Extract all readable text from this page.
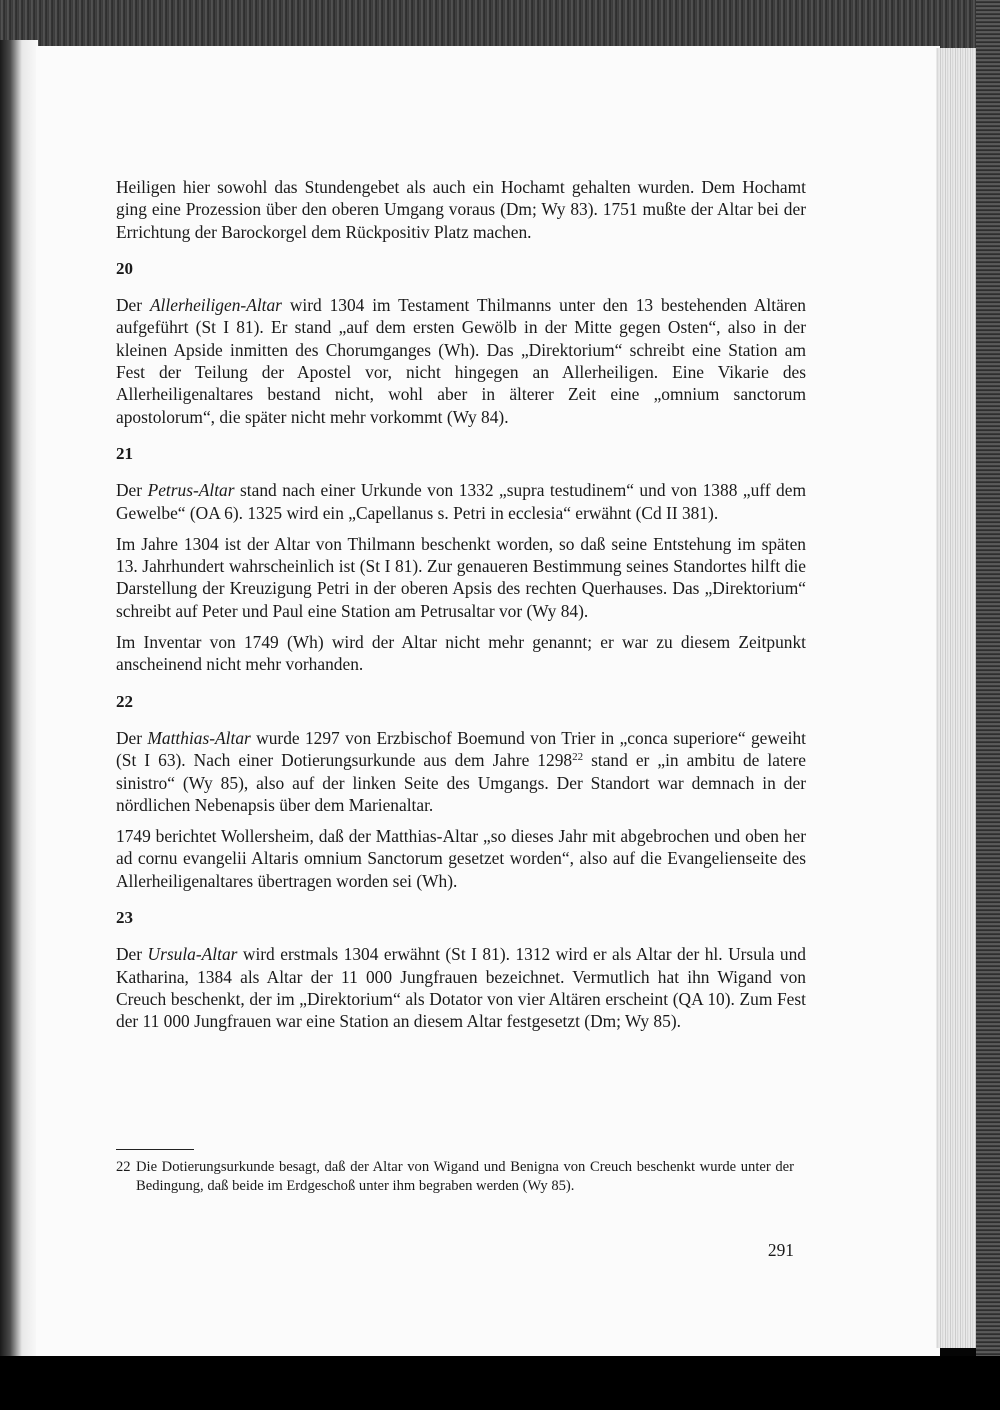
Heiligen hier sowohl das Stundengebet als auch ein Hochamt gehalten wurden. Dem Hochamt ging eine Prozession über den oberen Umgang voraus (Dm; Wy 83). 1751 mußte der Altar bei der Errichtung der Barockorgel dem Rückpositiv Platz machen.

20

Der Allerheiligen-Altar wird 1304 im Testament Thilmanns unter den 13 bestehenden Altären aufgeführt (St I 81). Er stand „auf dem ersten Gewölb in der Mitte gegen Osten“, also in der kleinen Apside inmitten des Chorumganges (Wh). Das „Direktorium“ schreibt eine Station am Fest der Teilung der Apostel vor, nicht hingegen an Allerheiligen. Eine Vikarie des Allerheiligenaltares bestand nicht, wohl aber in älterer Zeit eine „omnium sanctorum apostolorum“, die später nicht mehr vorkommt (Wy 84).

21

Der Petrus-Altar stand nach einer Urkunde von 1332 „supra testudinem“ und von 1388 „uff dem Gewelbe“ (OA 6). 1325 wird ein „Capellanus s. Petri in ecclesia“ erwähnt (Cd II 381).

Im Jahre 1304 ist der Altar von Thilmann beschenkt worden, so daß seine Entstehung im späten 13. Jahrhundert wahrscheinlich ist (St I 81). Zur genaueren Bestimmung seines Standortes hilft die Darstellung der Kreuzigung Petri in der oberen Apsis des rechten Querhauses. Das „Direktorium“ schreibt auf Peter und Paul eine Station am Petrusaltar vor (Wy 84).

Im Inventar von 1749 (Wh) wird der Altar nicht mehr genannt; er war zu diesem Zeitpunkt anscheinend nicht mehr vorhanden.

22

Der Matthias-Altar wurde 1297 von Erzbischof Boemund von Trier in „conca superiore“ geweiht (St I 63). Nach einer Dotierungsurkunde aus dem Jahre 1298$^{22}$ stand er „in ambitu de latere sinistro“ (Wy 85), also auf der linken Seite des Umgangs. Der Standort war demnach in der nördlichen Nebenapsis über dem Marienaltar.

1749 berichtet Wollersheim, daß der Matthias-Altar „so dieses Jahr mit abgebrochen und oben her ad cornu evangelii Altaris omnium Sanctorum gesetzet worden“, also auf die Evangelienseite des Allerheiligenaltares übertragen worden sei (Wh).

23

Der Ursula-Altar wird erstmals 1304 erwähnt (St I 81). 1312 wird er als Altar der hl. Ursula und Katharina, 1384 als Altar der 11 000 Jungfrauen bezeichnet. Vermutlich hat ihn Wigand von Creuch beschenkt, der im „Direktorium“ als Dotator von vier Altären erscheint (QA 10). Zum Fest der 11 000 Jungfrauen war eine Station an diesem Altar festgesetzt (Dm; Wy 85).

22 Die Dotierungsurkunde besagt, daß der Altar von Wigand und Benigna von Creuch beschenkt wurde unter der Bedingung, daß beide im Erdgeschoß unter ihm begraben werden (Wy 85).
291
